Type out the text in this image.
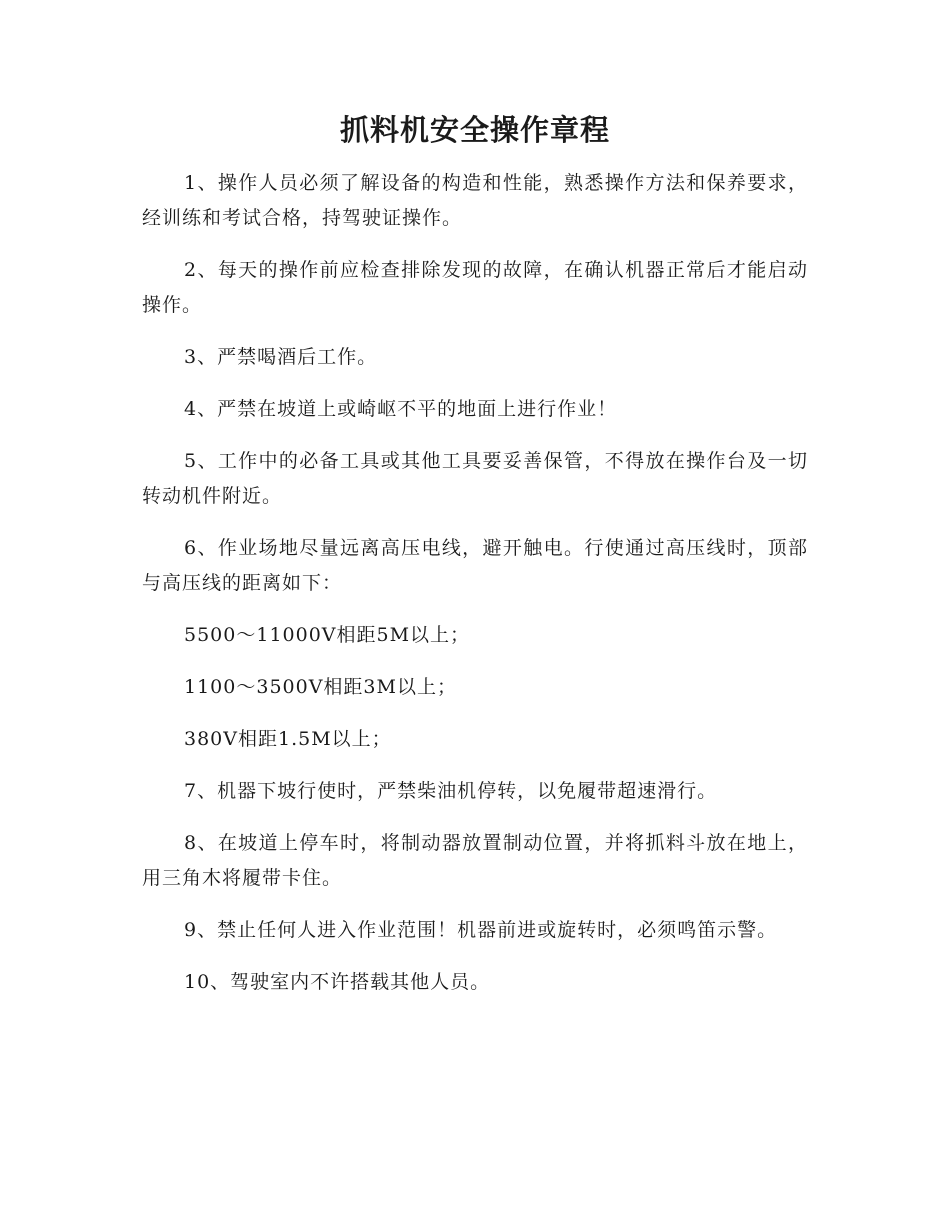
抓料机安全操作章程

1、操作人员必须了解设备的构造和性能，熟悉操作方法和保养要求，经训练和考试合格，持驾驶证操作。

2、每天的操作前应检查排除发现的故障，在确认机器正常后才能启动操作。

3、严禁喝酒后工作。

4、严禁在坡道上或崎岖不平的地面上进行作业！

5、工作中的必备工具或其他工具要妥善保管，不得放在操作台及一切转动机件附近。

6、作业场地尽量远离高压电线，避开触电。行使通过高压线时，顶部与高压线的距离如下：

5500～11000V相距5M以上；

1100～3500V相距3M以上；

380V相距1.5M以上；

7、机器下坡行使时，严禁柴油机停转，以免履带超速滑行。

8、在坡道上停车时，将制动器放置制动位置，并将抓料斗放在地上，用三角木将履带卡住。

9、禁止任何人进入作业范围！机器前进或旋转时，必须鸣笛示警。

10、驾驶室内不许搭载其他人员。
